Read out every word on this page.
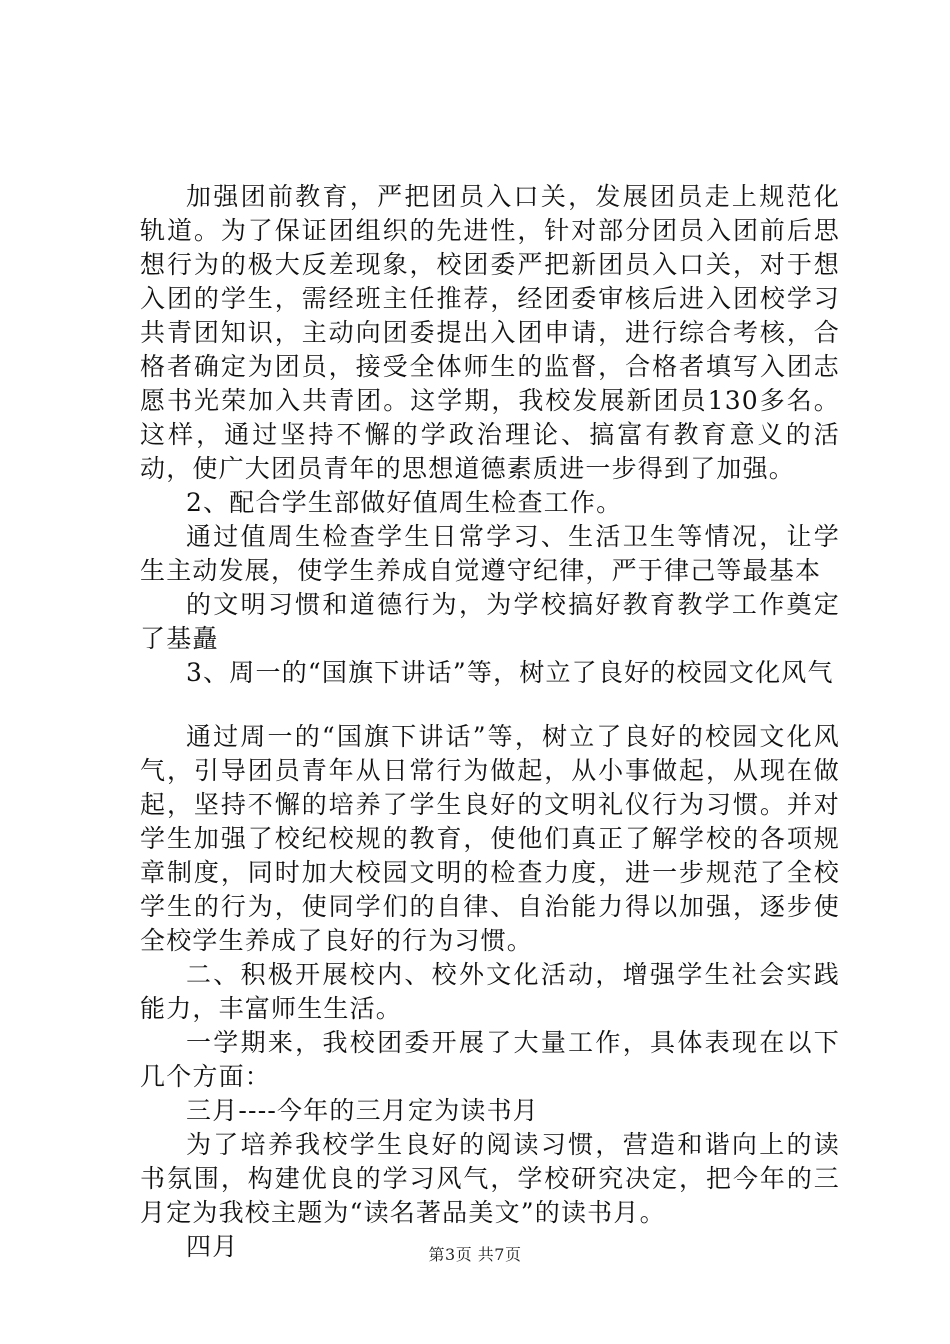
加强团前教育，严把团员入口关，发展团员走上规范化轨道。为了保证团组织的先进性，针对部分团员入团前后思想行为的极大反差现象，校团委严把新团员入口关，对于想入团的学生，需经班主任推荐，经团委审核后进入团校学习共青团知识，主动向团委提出入团申请，进行综合考核，合格者确定为团员，接受全体师生的监督，合格者填写入团志愿书光荣加入共青团。这学期，我校发展新团员130多名。这样，通过坚持不懈的学政治理论、搞富有教育意义的活动，使广大团员青年的思想道德素质进一步得到了加强。

2、配合学生部做好值周生检查工作。

通过值周生检查学生日常学习、生活卫生等情况，让学生主动发展，使学生养成自觉遵守纪律，严于律己等最基本

的文明习惯和道德行为，为学校搞好教育教学工作奠定了基矗

3、周一的“国旗下讲话”等，树立了良好的校园文化风气

通过周一的“国旗下讲话”等，树立了良好的校园文化风气，引导团员青年从日常行为做起，从小事做起，从现在做起，坚持不懈的培养了学生良好的文明礼仪行为习惯。并对学生加强了校纪校规的教育，使他们真正了解学校的各项规章制度，同时加大校园文明的检查力度，进一步规范了全校学生的行为，使同学们的自律、自治能力得以加强，逐步使全校学生养成了良好的行为习惯。

二、积极开展校内、校外文化活动，增强学生社会实践能力，丰富师生生活。

一学期来，我校团委开展了大量工作，具体表现在以下几个方面：

三月----今年的三月定为读书月

为了培养我校学生良好的阅读习惯，营造和谐向上的读书氛围，构建优良的学习风气，学校研究决定，把今年的三月定为我校主题为“读名著品美文”的读书月。

四月	第3页 共7页
